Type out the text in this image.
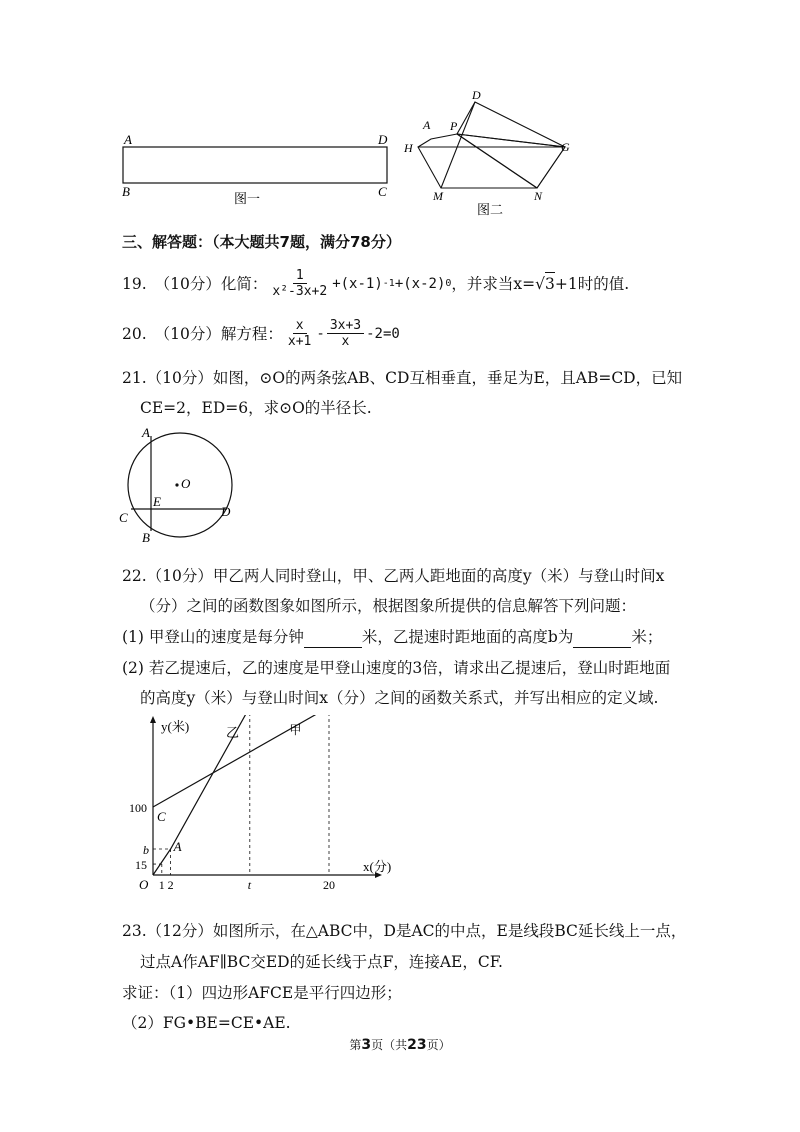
A	D
B	C
图一
D
A P
H	G
M	N
图二
三、解答题：（本大题共7题，满分78分）
19. （10分）化简： $\frac{1}{\text{x²-3x+2}} +(x-1)$ -1 +(x-2) 0 ，并求当x= √ 3 +1时的值.
20. （10分）解方程： $\frac{x}{x+1} - \frac{3x+3}{x} -2=0$
21.（10分）如图，⊙O的两条弦AB、CD互相垂直，垂足为E，且AB=CD，已知
CE=2，ED=6，求⊙O的半径长.
A
O
E
C	D
B
22.（10分）甲乙两人同时登山，甲、乙两人距地面的高度y（米）与登山时间x
（分）之间的函数图象如图所示，根据图象所提供的信息解答下列问题：
(1) 甲登山的速度是每分钟	米，乙提速时距地面的高度b为	米；
(2) 若乙提速后，乙的速度是甲登山速度的3倍，请求出乙提速后，登山时距地面
的高度y（米）与登山时间x（分）之间的函数关系式，并写出相应的定义域.
y(米)
x(分)
O
C
A
乙	甲
100
b
15
1 2	t	20
23.（12分）如图所示，在△ABC中，D是AC的中点，E是线段BC延长线上一点，
过点A作AF∥BC交ED的延长线于点F，连接AE，CF.
求证：（1）四边形AFCE是平行四边形；
（2）FG•BE=CE•AE.
第3页（共23页）
